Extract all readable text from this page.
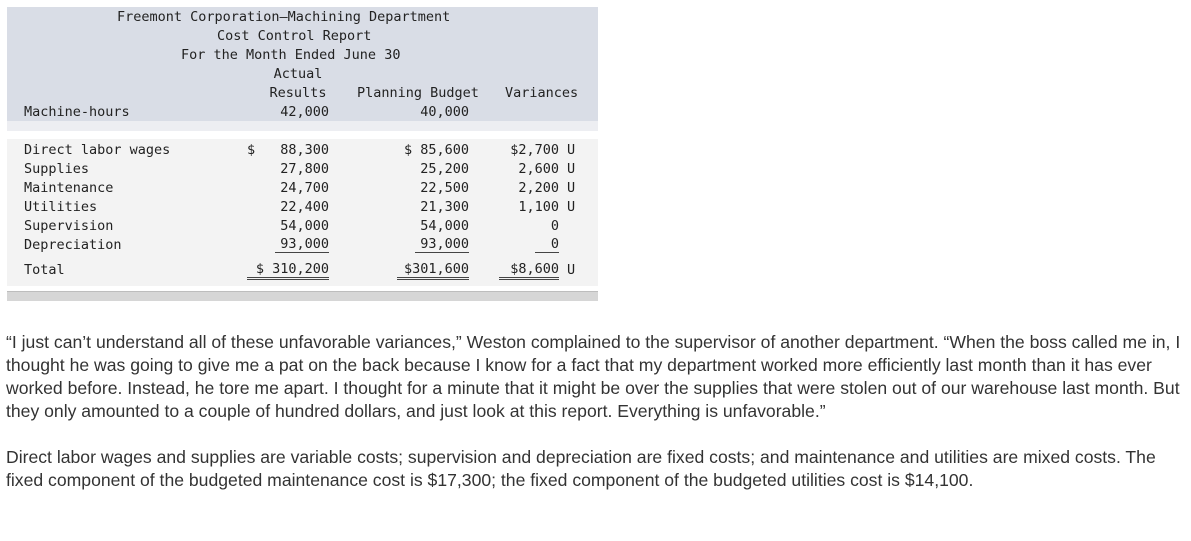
Freemont Corporation–Machining Department
Cost Control Report
For the Month Ended June 30
Actual
Results	Planning Budget Variances
Machine-hours	42,000	40,000
Direct labor wages	$	88,300	$ 85,600	$2,700 U
Supplies	27,800	25,200	2,600 U
Maintenance	24,700	22,500	2,200 U
Utilities	22,400	21,300	1,100 U
Supervision	54,000	54,000	0
Depreciation	93,000	93,000	0
Total	$ 310,200	$301,600	$8,600 U

“I just can’t understand all of these unfavorable variances,” Weston complained to the supervisor of another department. “When the boss called me in, I thought he was going to give me a pat on the back because I know for a fact that my department worked more efficiently last month than it has ever worked before. Instead, he tore me apart. I thought for a minute that it might be over the supplies that were stolen out of our warehouse last month. But they only amounted to a couple of hundred dollars, and just look at this report. Everything is unfavorable.”

Direct labor wages and supplies are variable costs; supervision and depreciation are fixed costs; and maintenance and utilities are mixed costs. The fixed component of the budgeted maintenance cost is $17,300; the fixed component of the budgeted utilities cost is $14,100.
